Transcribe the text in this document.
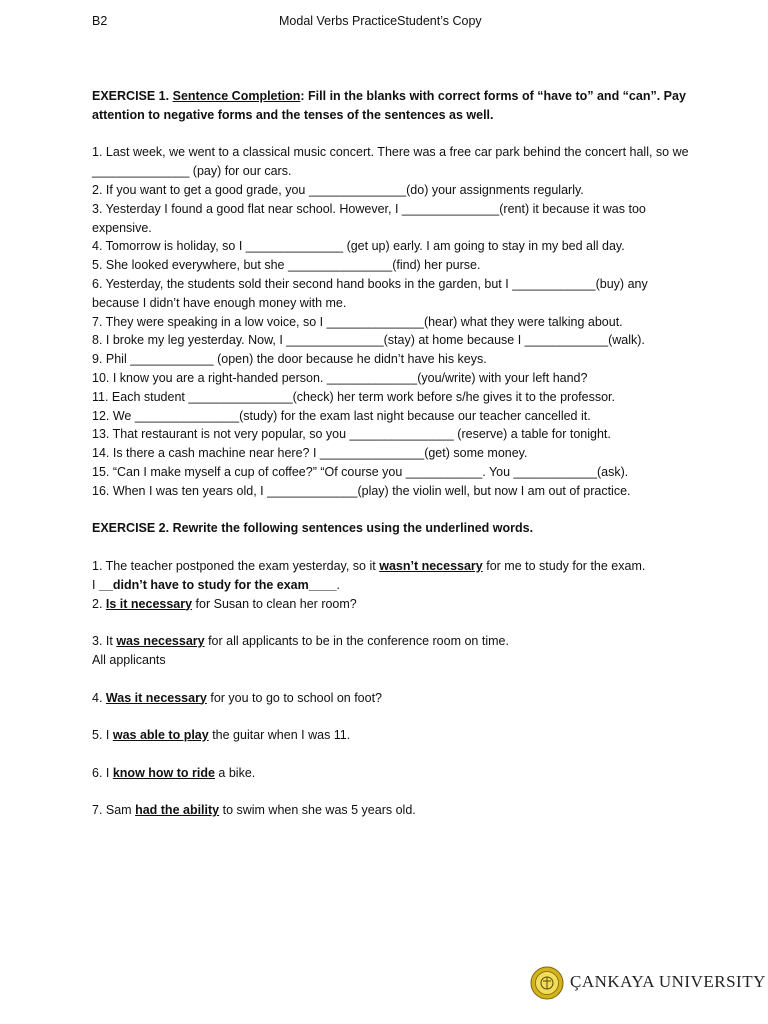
B2	Modal Verbs PracticeStudent’s Copy

EXERCISE 1. Sentence Completion: Fill in the blanks with correct forms of “have to” and “can”. Pay attention to negative forms and the tenses of the sentences as well.

1. Last week, we went to a classical music concert. There was a free car park behind the concert hall, so we ______________ (pay) for our cars.

2. If you want to get a good grade, you ______________(do) your assignments regularly.

3. Yesterday I found a good flat near school. However, I ______________(rent) it because it was too expensive.

4. Tomorrow is holiday, so I ______________ (get up) early. I am going to stay in my bed all day.

5. She looked everywhere, but she _______________(find) her purse.

6. Yesterday, the students sold their second hand books in the garden, but I ____________(buy) any because I didn’t have enough money with me.

7. They were speaking in a low voice, so I ______________(hear) what they were talking about.

8. I broke my leg yesterday. Now, I ______________(stay) at home because I ____________(walk).

9. Phil ____________ (open) the door because he didn’t have his keys.

10. I know you are a right-handed person. _____________(you/write) with your left hand?

11. Each student _______________(check) her term work before s/he gives it to the professor.

12. We _______________(study) for the exam last night because our teacher cancelled it.

13. That restaurant is not very popular, so you _______________ (reserve) a table for tonight.

14. Is there a cash machine near here? I _______________(get) some money.

15. “Can I make myself a cup of coffee?” “Of course you ___________. You ____________(ask).

16. When I was ten years old, I _____________(play) the violin well, but now I am out of practice.

EXERCISE 2. Rewrite the following sentences using the underlined words.

1. The teacher postponed the exam yesterday, so it wasn’t necessary for me to study for the exam.

I __didn’t have to study for the exam____.

2. Is it necessary for Susan to clean her room?

3. It was necessary for all applicants to be in the conference room on time.

All applicants

4. Was it necessary for you to go to school on foot?

5. I was able to play the guitar when I was 11.

6. I know how to ride a bike.

7. Sam had the ability to swim when she was 5 years old.

ÇANKAYA UNIVERSITY
